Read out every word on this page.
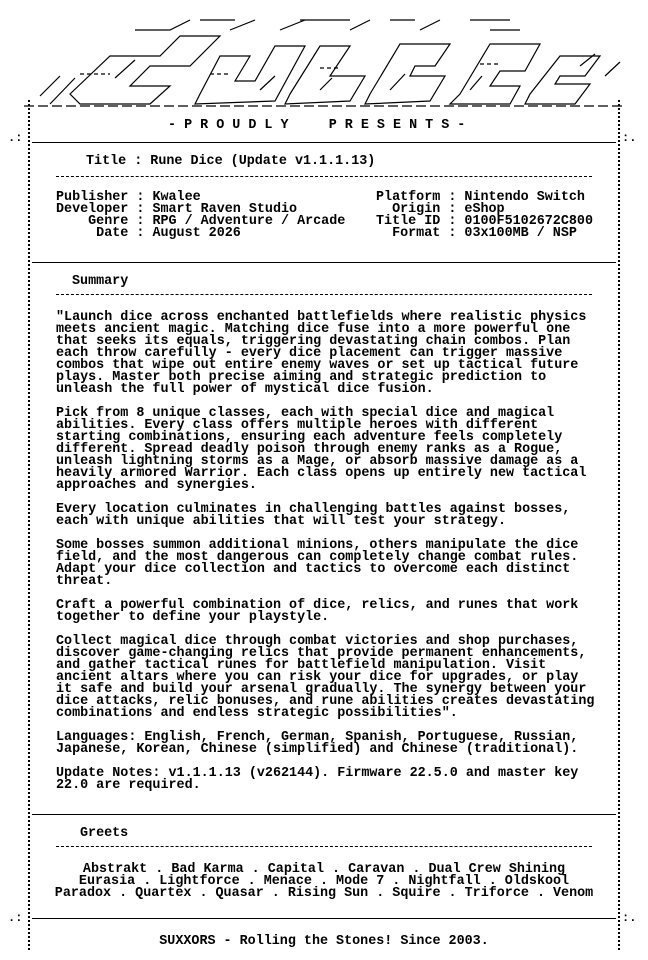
.:	:.
.:	:.
- P R O U D L Y     P R E S E N T S -
Title : Rune Dice (Update v1.1.1.13)
Publisher : Kwalee
Developer : Smart Raven Studio
Genre : RPG / Adventure / Arcade
Date : August 2026
Platform : Nintendo Switch
Origin : eShop
Title ID : 0100F5102672C800
Format : 03x100MB / NSP
Summary
"Launch dice across enchanted battlefields where realistic physics
meets ancient magic. Matching dice fuse into a more powerful one
that seeks its equals, triggering devastating chain combos. Plan
each throw carefully - every dice placement can trigger massive
combos that wipe out entire enemy waves or set up tactical future
plays. Master both precise aiming and strategic prediction to
unleash the full power of mystical dice fusion.
Pick from 8 unique classes, each with special dice and magical
abilities. Every class offers multiple heroes with different
starting combinations, ensuring each adventure feels completely
different. Spread deadly poison through enemy ranks as a Rogue,
unleash lightning storms as a Mage, or absorb massive damage as a
heavily armored Warrior. Each class opens up entirely new tactical
approaches and synergies.
Every location culminates in challenging battles against bosses,
each with unique abilities that will test your strategy.
Some bosses summon additional minions, others manipulate the dice
field, and the most dangerous can completely change combat rules.
Adapt your dice collection and tactics to overcome each distinct
threat.
Craft a powerful combination of dice, relics, and runes that work
together to define your playstyle.
Collect magical dice through combat victories and shop purchases,
discover game-changing relics that provide permanent enhancements,
and gather tactical runes for battlefield manipulation. Visit
ancient altars where you can risk your dice for upgrades, or play
it safe and build your arsenal gradually. The synergy between your
dice attacks, relic bonuses, and rune abilities creates devastating
combinations and endless strategic possibilities".
Languages: English, French, German, Spanish, Portuguese, Russian,
Japanese, Korean, Chinese (simplified) and Chinese (traditional).
Update Notes: v1.1.1.13 (v262144). Firmware 22.5.0 and master key
22.0 are required.
Greets
Abstrakt . Bad Karma . Capital . Caravan . Dual Crew Shining
Eurasia . Lightforce . Menace . Mode 7 . Nightfall . Oldskool
Paradox . Quartex . Quasar . Rising Sun . Squire . Triforce . Venom
SUXXORS - Rolling the Stones! Since 2003.
